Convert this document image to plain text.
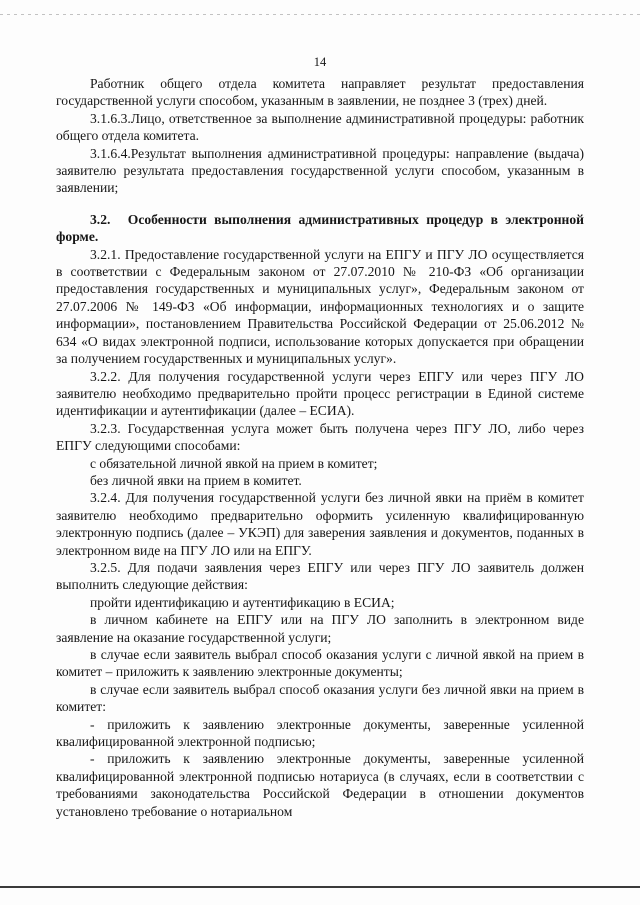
14

Работник общего отдела комитета направляет результат предоставления государственной услуги способом, указанным в заявлении, не позднее 3 (трех) дней.

3.1.6.3.Лицо, ответственное за выполнение административной процедуры: работник общего отдела комитета.

3.1.6.4.Результат выполнения административной процедуры: направление (выдача) заявителю результата предоставления государственной услуги способом, указанным в заявлении;

3.2. Особенности выполнения административных процедур в электронной форме.

3.2.1. Предоставление государственной услуги на ЕПГУ и ПГУ ЛО осуществляется в соответствии с Федеральным законом от 27.07.2010 № 210-ФЗ «Об организации предоставления государственных и муниципальных услуг», Федеральным законом от 27.07.2006 № 149-ФЗ «Об информации, информационных технологиях и о защите информации», постановлением Правительства Российской Федерации от 25.06.2012 № 634 «О видах электронной подписи, использование которых допускается при обращении за получением государственных и муниципальных услуг».

3.2.2. Для получения государственной услуги через ЕПГУ или через ПГУ ЛО заявителю необходимо предварительно пройти процесс регистрации в Единой системе идентификации и аутентификации (далее – ЕСИА).

3.2.3. Государственная услуга может быть получена через ПГУ ЛО, либо через ЕПГУ следующими способами:

с обязательной личной явкой на прием в комитет;

без личной явки на прием в комитет.

3.2.4. Для получения государственной услуги без личной явки на приём в комитет заявителю необходимо предварительно оформить усиленную квалифицированную электронную подпись (далее – УКЭП) для заверения заявления и документов, поданных в электронном виде на ПГУ ЛО или на ЕПГУ.

3.2.5. Для подачи заявления через ЕПГУ или через ПГУ ЛО заявитель должен выполнить следующие действия:

пройти идентификацию и аутентификацию в ЕСИА;

в личном кабинете на ЕПГУ или на ПГУ ЛО заполнить в электронном виде заявление на оказание государственной услуги;

в случае если заявитель выбрал способ оказания услуги с личной явкой на прием в комитет – приложить к заявлению электронные документы;

в случае если заявитель выбрал способ оказания услуги без личной явки на прием в комитет:

- приложить к заявлению электронные документы, заверенные усиленной квалифицированной электронной подписью;

- приложить к заявлению электронные документы, заверенные усиленной квалифицированной электронной подписью нотариуса (в случаях, если в соответствии с требованиями законодательства Российской Федерации в отношении документов установлено требование о нотариальном
